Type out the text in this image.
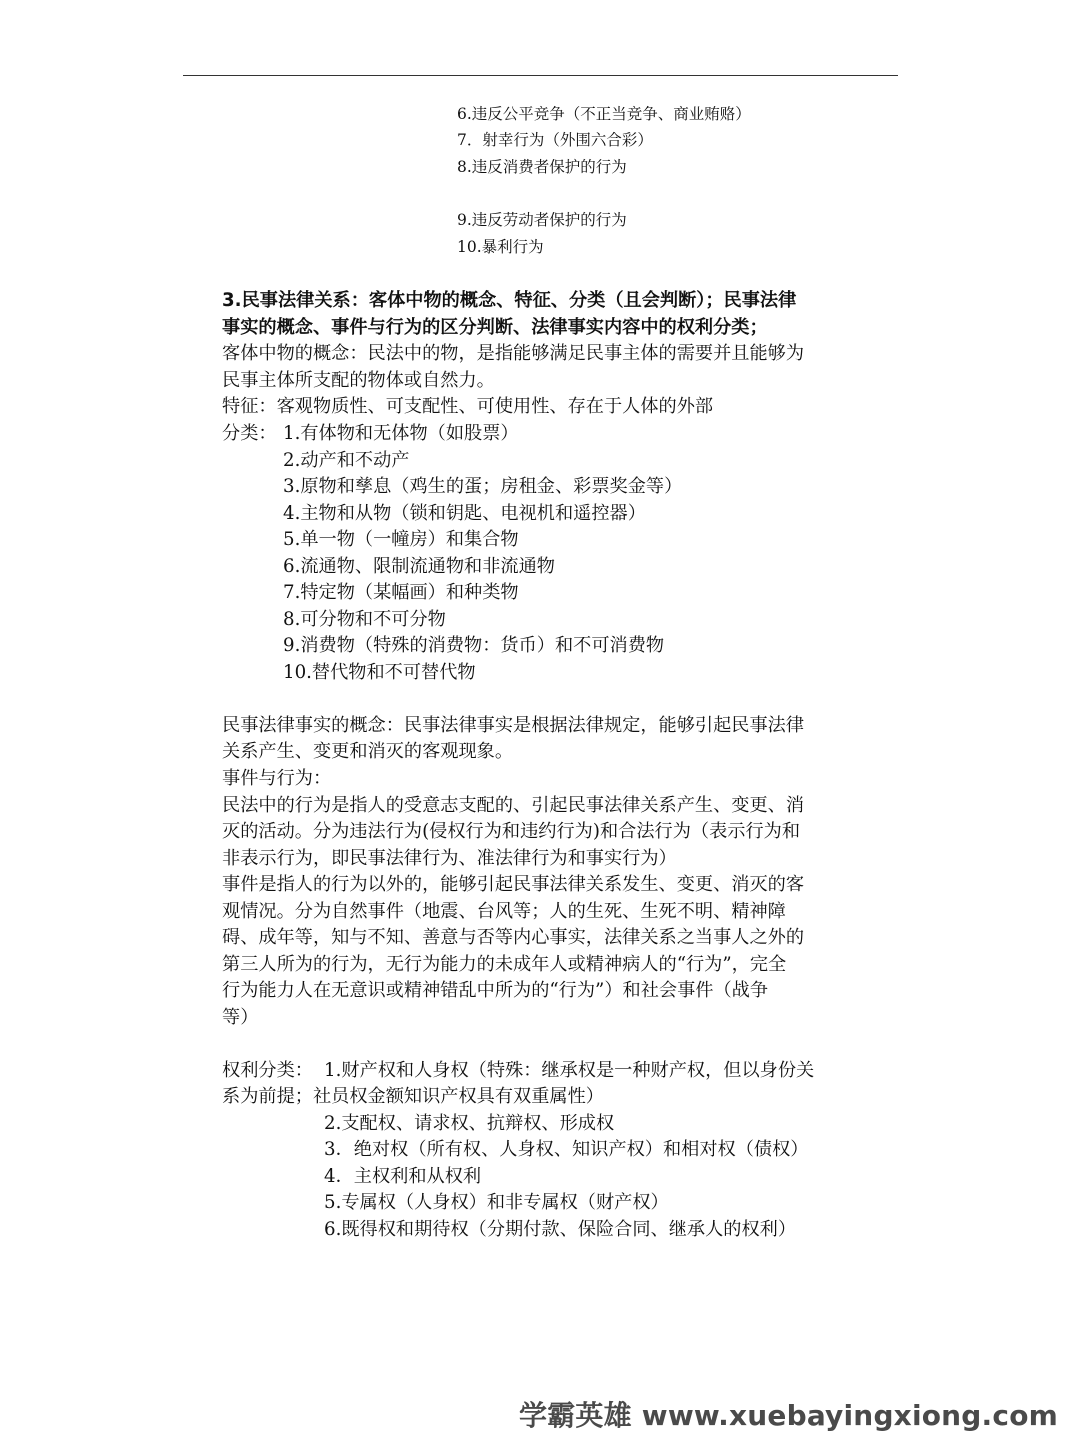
6.违反公平竞争（不正当竞争、商业贿赂）
7．射幸行为（外围六合彩）
8.违反消费者保护的行为
9.违反劳动者保护的行为
10.暴利行为
3.民事法律关系：客体中物的概念、特征、分类（且会判断）；民事法律
事实的概念、事件与行为的区分判断、法律事实内容中的权利分类；
客体中物的概念：民法中的物，是指能够满足民事主体的需要并且能够为
民事主体所支配的物体或自然力。
特征：客观物质性、可支配性、可使用性、存在于人体的外部
分类： 1.有体物和无体物（如股票）
2.动产和不动产
3.原物和孳息（鸡生的蛋；房租金、彩票奖金等）
4.主物和从物（锁和钥匙、电视机和遥控器）
5.单一物（一幢房）和集合物
6.流通物、限制流通物和非流通物
7.特定物（某幅画）和种类物
8.可分物和不可分物
9.消费物（特殊的消费物：货币）和不可消费物
10.替代物和不可替代物
民事法律事实的概念：民事法律事实是根据法律规定，能够引起民事法律
关系产生、变更和消灭的客观现象。
事件与行为：
民法中的行为是指人的受意志支配的、引起民事法律关系产生、变更、消
灭的活动。分为违法行为(侵权行为和违约行为)和合法行为（表示行为和
非表示行为，即民事法律行为、准法律行为和事实行为）
事件是指人的行为以外的，能够引起民事法律关系发生、变更、消灭的客
观情况。分为自然事件（地震、台风等；人的生死、生死不明、精神障
碍、成年等，知与不知、善意与否等内心事实，法律关系之当事人之外的
第三人所为的行为，无行为能力的未成年人或精神病人的“行为”，完全
行为能力人在无意识或精神错乱中所为的“行为”）和社会事件（战争
等）
权利分类： 1.财产权和人身权（特殊：继承权是一种财产权，但以身份关
系为前提；社员权金额知识产权具有双重属性）
2.支配权、请求权、抗辩权、形成权
3．绝对权（所有权、人身权、知识产权）和相对权（债权）
4．主权利和从权利
5.专属权（人身权）和非专属权（财产权）
6.既得权和期待权（分期付款、保险合同、继承人的权利）
学霸英雄 www.xuebayingxiong.com
